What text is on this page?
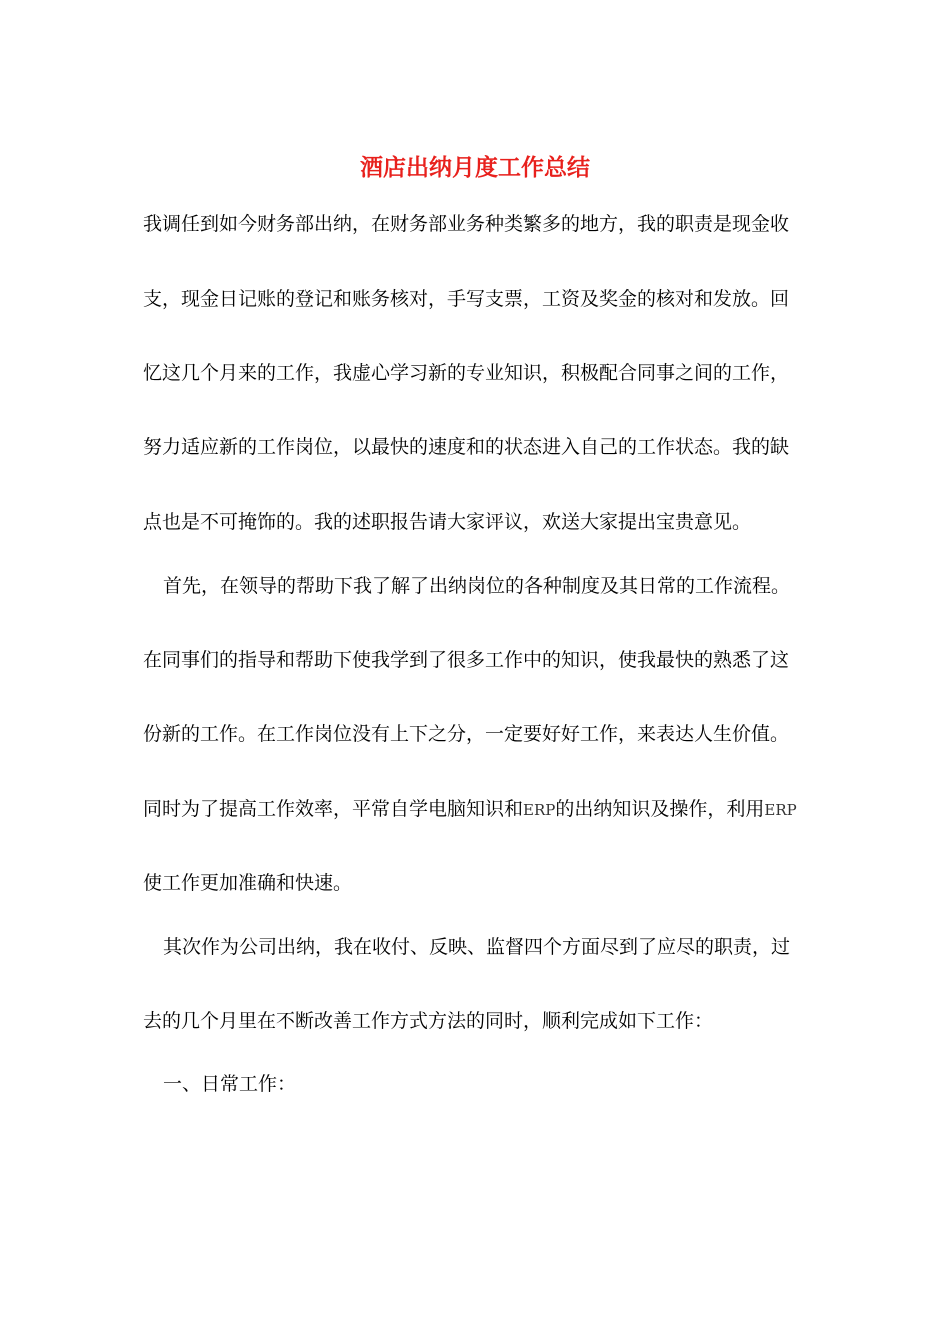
酒店出纳月度工作总结

我调任到如今财务部出纳，在财务部业务种类繁多的地方，我的职责是现金收

支，现金日记账的登记和账务核对，手写支票，工资及奖金的核对和发放。回

忆这几个月来的工作，我虚心学习新的专业知识，积极配合同事之间的工作，

努力适应新的工作岗位，以最快的速度和的状态进入自己的工作状态。我的缺

点也是不可掩饰的。我的述职报告请大家评议，欢送大家提出宝贵意见。

首先，在领导的帮助下我了解了出纳岗位的各种制度及其日常的工作流程。

在同事们的指导和帮助下使我学到了很多工作中的知识，使我最快的熟悉了这

份新的工作。在工作岗位没有上下之分，一定要好好工作，来表达人生价值。

同时为了提高工作效率，平常自学电脑知识和ERP的出纳知识及操作，利用ERP

使工作更加准确和快速。

其次作为公司出纳，我在收付、反映、监督四个方面尽到了应尽的职责，过

去的几个月里在不断改善工作方式方法的同时，顺利完成如下工作：

一、日常工作：
